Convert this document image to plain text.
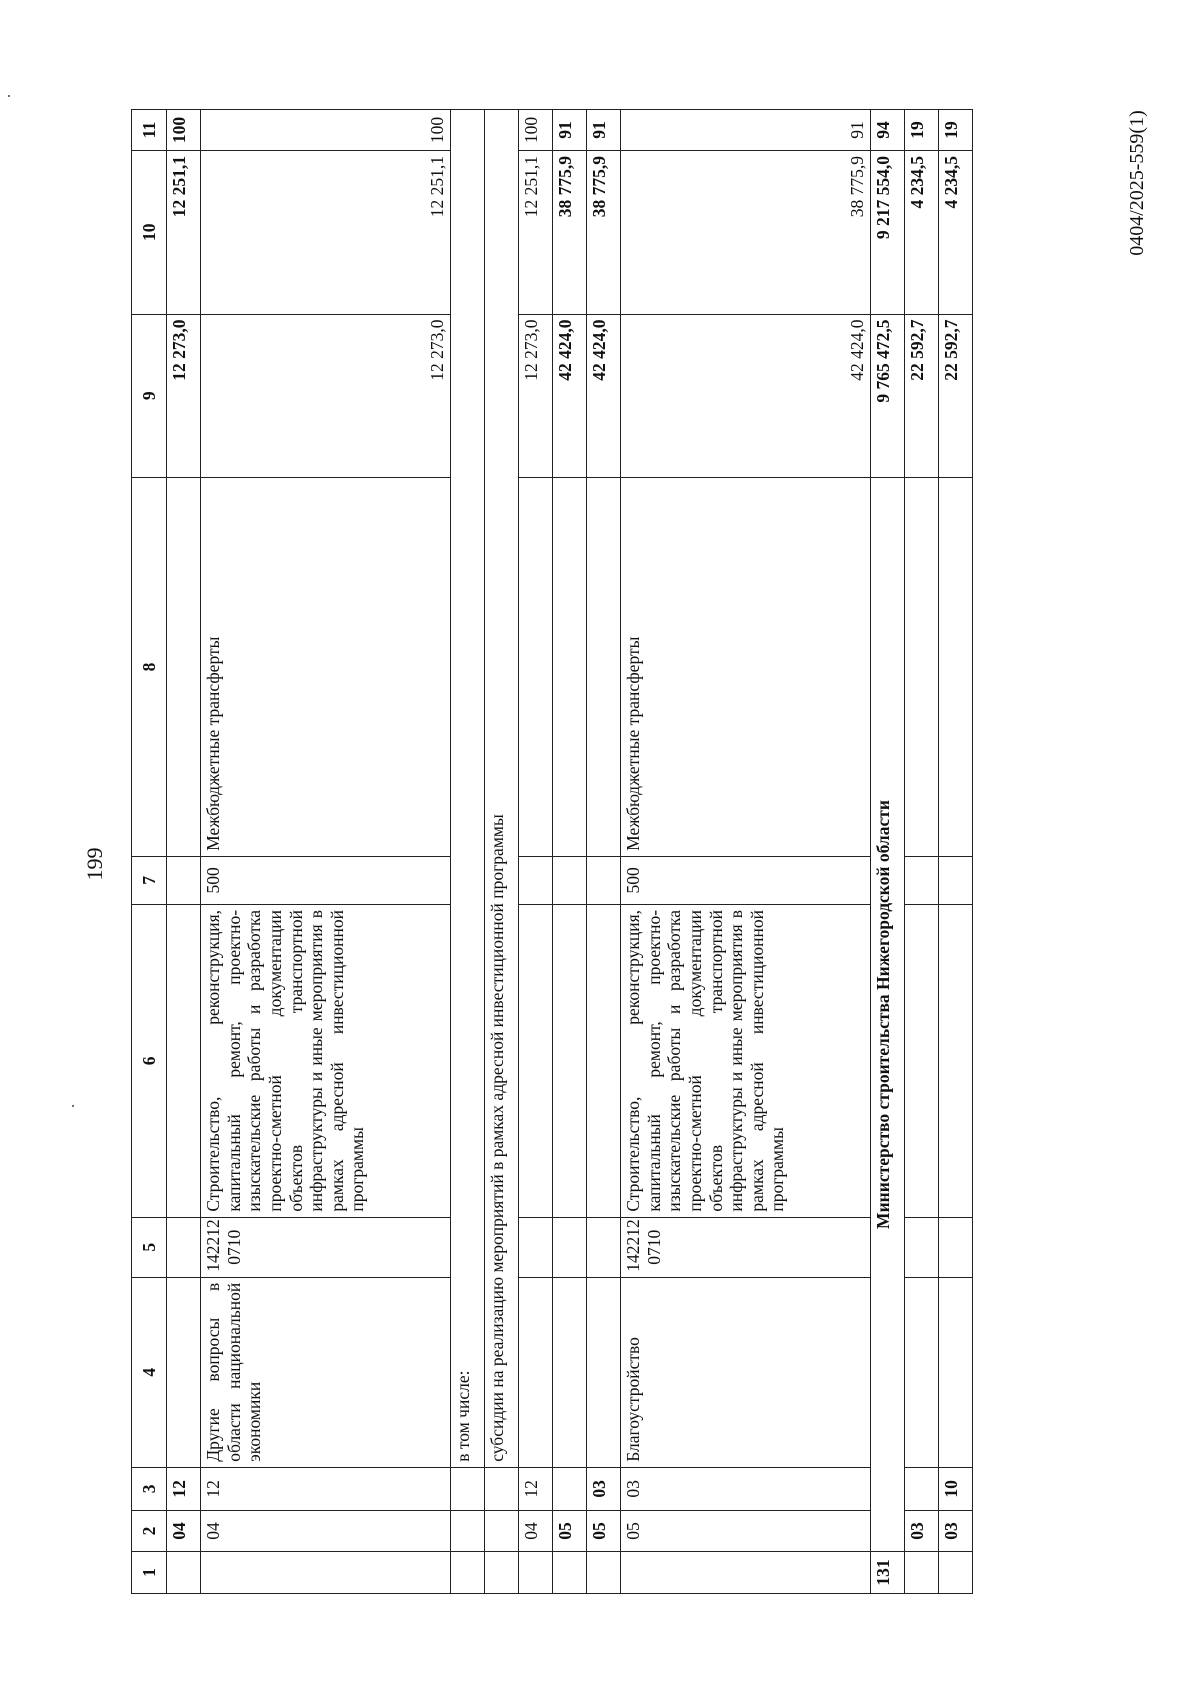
199
0404/2025-559(1)
1	2	3	4	5	6	7	8	9	10	11
	04	12						12 273,0	12 251,1	100
	04	12	Другие вопросы в области национальной экономики	142212 0710	Строительство, реконструкция, капитальный ремонт, проектно-изыскательские работы и разработка проектно-сметной документации объектов транспортной инфраструктуры и иные мероприятия в рамках адресной инвестиционной программы	500	Межбюджетные трансферты	12 273,0	12 251,1	100
			в том числе:							
			субсидии на реализацию мероприятий в рамках адресной инвестиционной программы							
	04	12						12 273,0	12 251,1	100
	05							42 424,0	38 775,9	91
	05	03						42 424,0	38 775,9	91
	05	03	Благоустройство	142212 0710	Строительство, реконструкция, капитальный ремонт, проектно-изыскательские работы и разработка проектно-сметной документации объектов транспортной инфраструктуры и иные мероприятия в рамках адресной инвестиционной программы	500	Межбюджетные трансферты	42 424,0	38 775,9	91
131	Министерство строительства Нижегородской области							9 765 472,5	9 217 554,0	94
	03							22 592,7	4 234,5	19
	03	10						22 592,7	4 234,5	19
